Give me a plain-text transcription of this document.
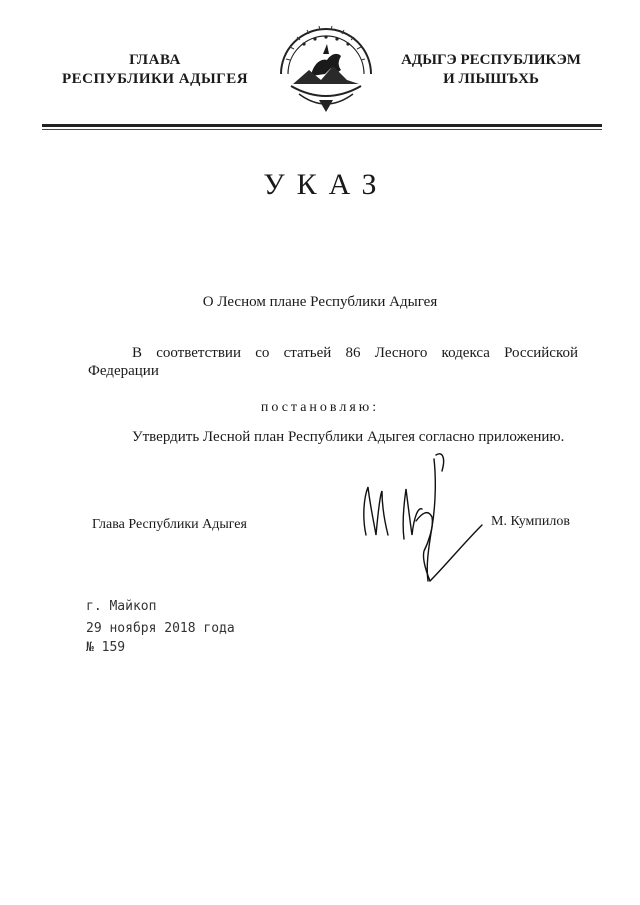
ГЛАВА
РЕСПУБЛИКИ АДЫГЕЯ
АДЫГЭ РЕСПУБЛИКЭМ
И ЛІЫШЪХЬ
УКАЗ
О Лесном плане Республики Адыгея
В соответствии со статьей 86 Лесного кодекса Российской Федерации
постановляю:
Утвердить Лесной план Республики Адыгея согласно приложению.
Глава Республики Адыгея	М. Кумпилов
г. Майкоп
29 ноября 2018 года
№ 159
